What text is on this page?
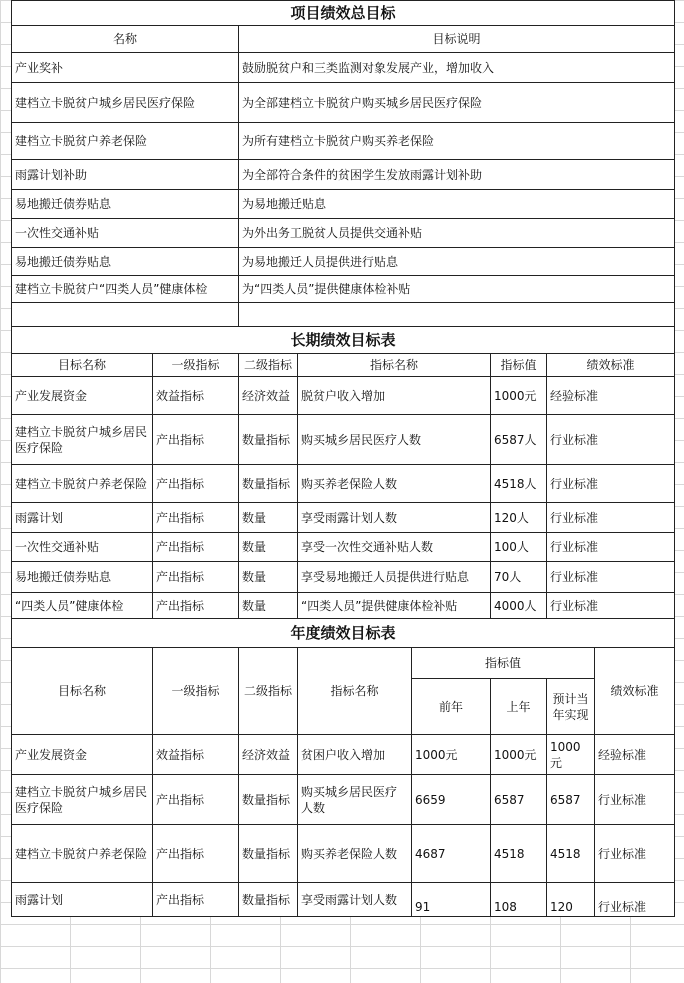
项目绩效总目标	
名称	目标说明
产业奖补	鼓励脱贫户和三类监测对象发展产业，增加收入
建档立卡脱贫户城乡居民医疗保险	为全部建档立卡脱贫户购买城乡居民医疗保险
建档立卡脱贫户养老保险	为所有建档立卡脱贫户购买养老保险
雨露计划补助	为全部符合条件的贫困学生发放雨露计划补助
易地搬迁债券贴息	为易地搬迁贴息
一次性交通补贴	为外出务工脱贫人员提供交通补贴
易地搬迁债券贴息	为易地搬迁人员提供进行贴息
建档立卡脱贫户“四类人员”健康体检	为“四类人员”提供健康体检补贴

长期绩效目标表					
目标名称	一级指标	二级指标	指标名称	指标值	绩效标准
产业发展资金	效益指标	经济效益	脱贫户收入增加	1000元	经验标准
建档立卡脱贫户城乡居民医疗保险	产出指标	数量指标	购买城乡居民医疗人数	6587人	行业标准
建档立卡脱贫户养老保险	产出指标	数量指标	购买养老保险人数	4518人	行业标准
雨露计划	产出指标	数量	享受雨露计划人数	120人	行业标准
一次性交通补贴	产出指标	数量	享受一次性交通补贴人数	100人	行业标准
易地搬迁债券贴息	产出指标	数量	享受易地搬迁人员提供进行贴息	70人	行业标准
“四类人员”健康体检	产出指标	数量	“四类人员”提供健康体检补贴	4000人	行业标准
年度绩效目标表							
目标名称	一级指标	二级指标	指标名称	指标值			绩效标准
				前年	上年	预计当年实现	
产业发展资金	效益指标	经济效益	贫困户收入增加	1000元	1000元	1000元	经验标准
建档立卡脱贫户城乡居民医疗保险	产出指标	数量指标	购买城乡居民医疗人数	6659	6587	6587	行业标准
建档立卡脱贫户养老保险	产出指标	数量指标	购买养老保险人数	4687	4518	4518	行业标准
雨露计划	产出指标	数量指标	享受雨露计划人数	91	108	120	行业标准
